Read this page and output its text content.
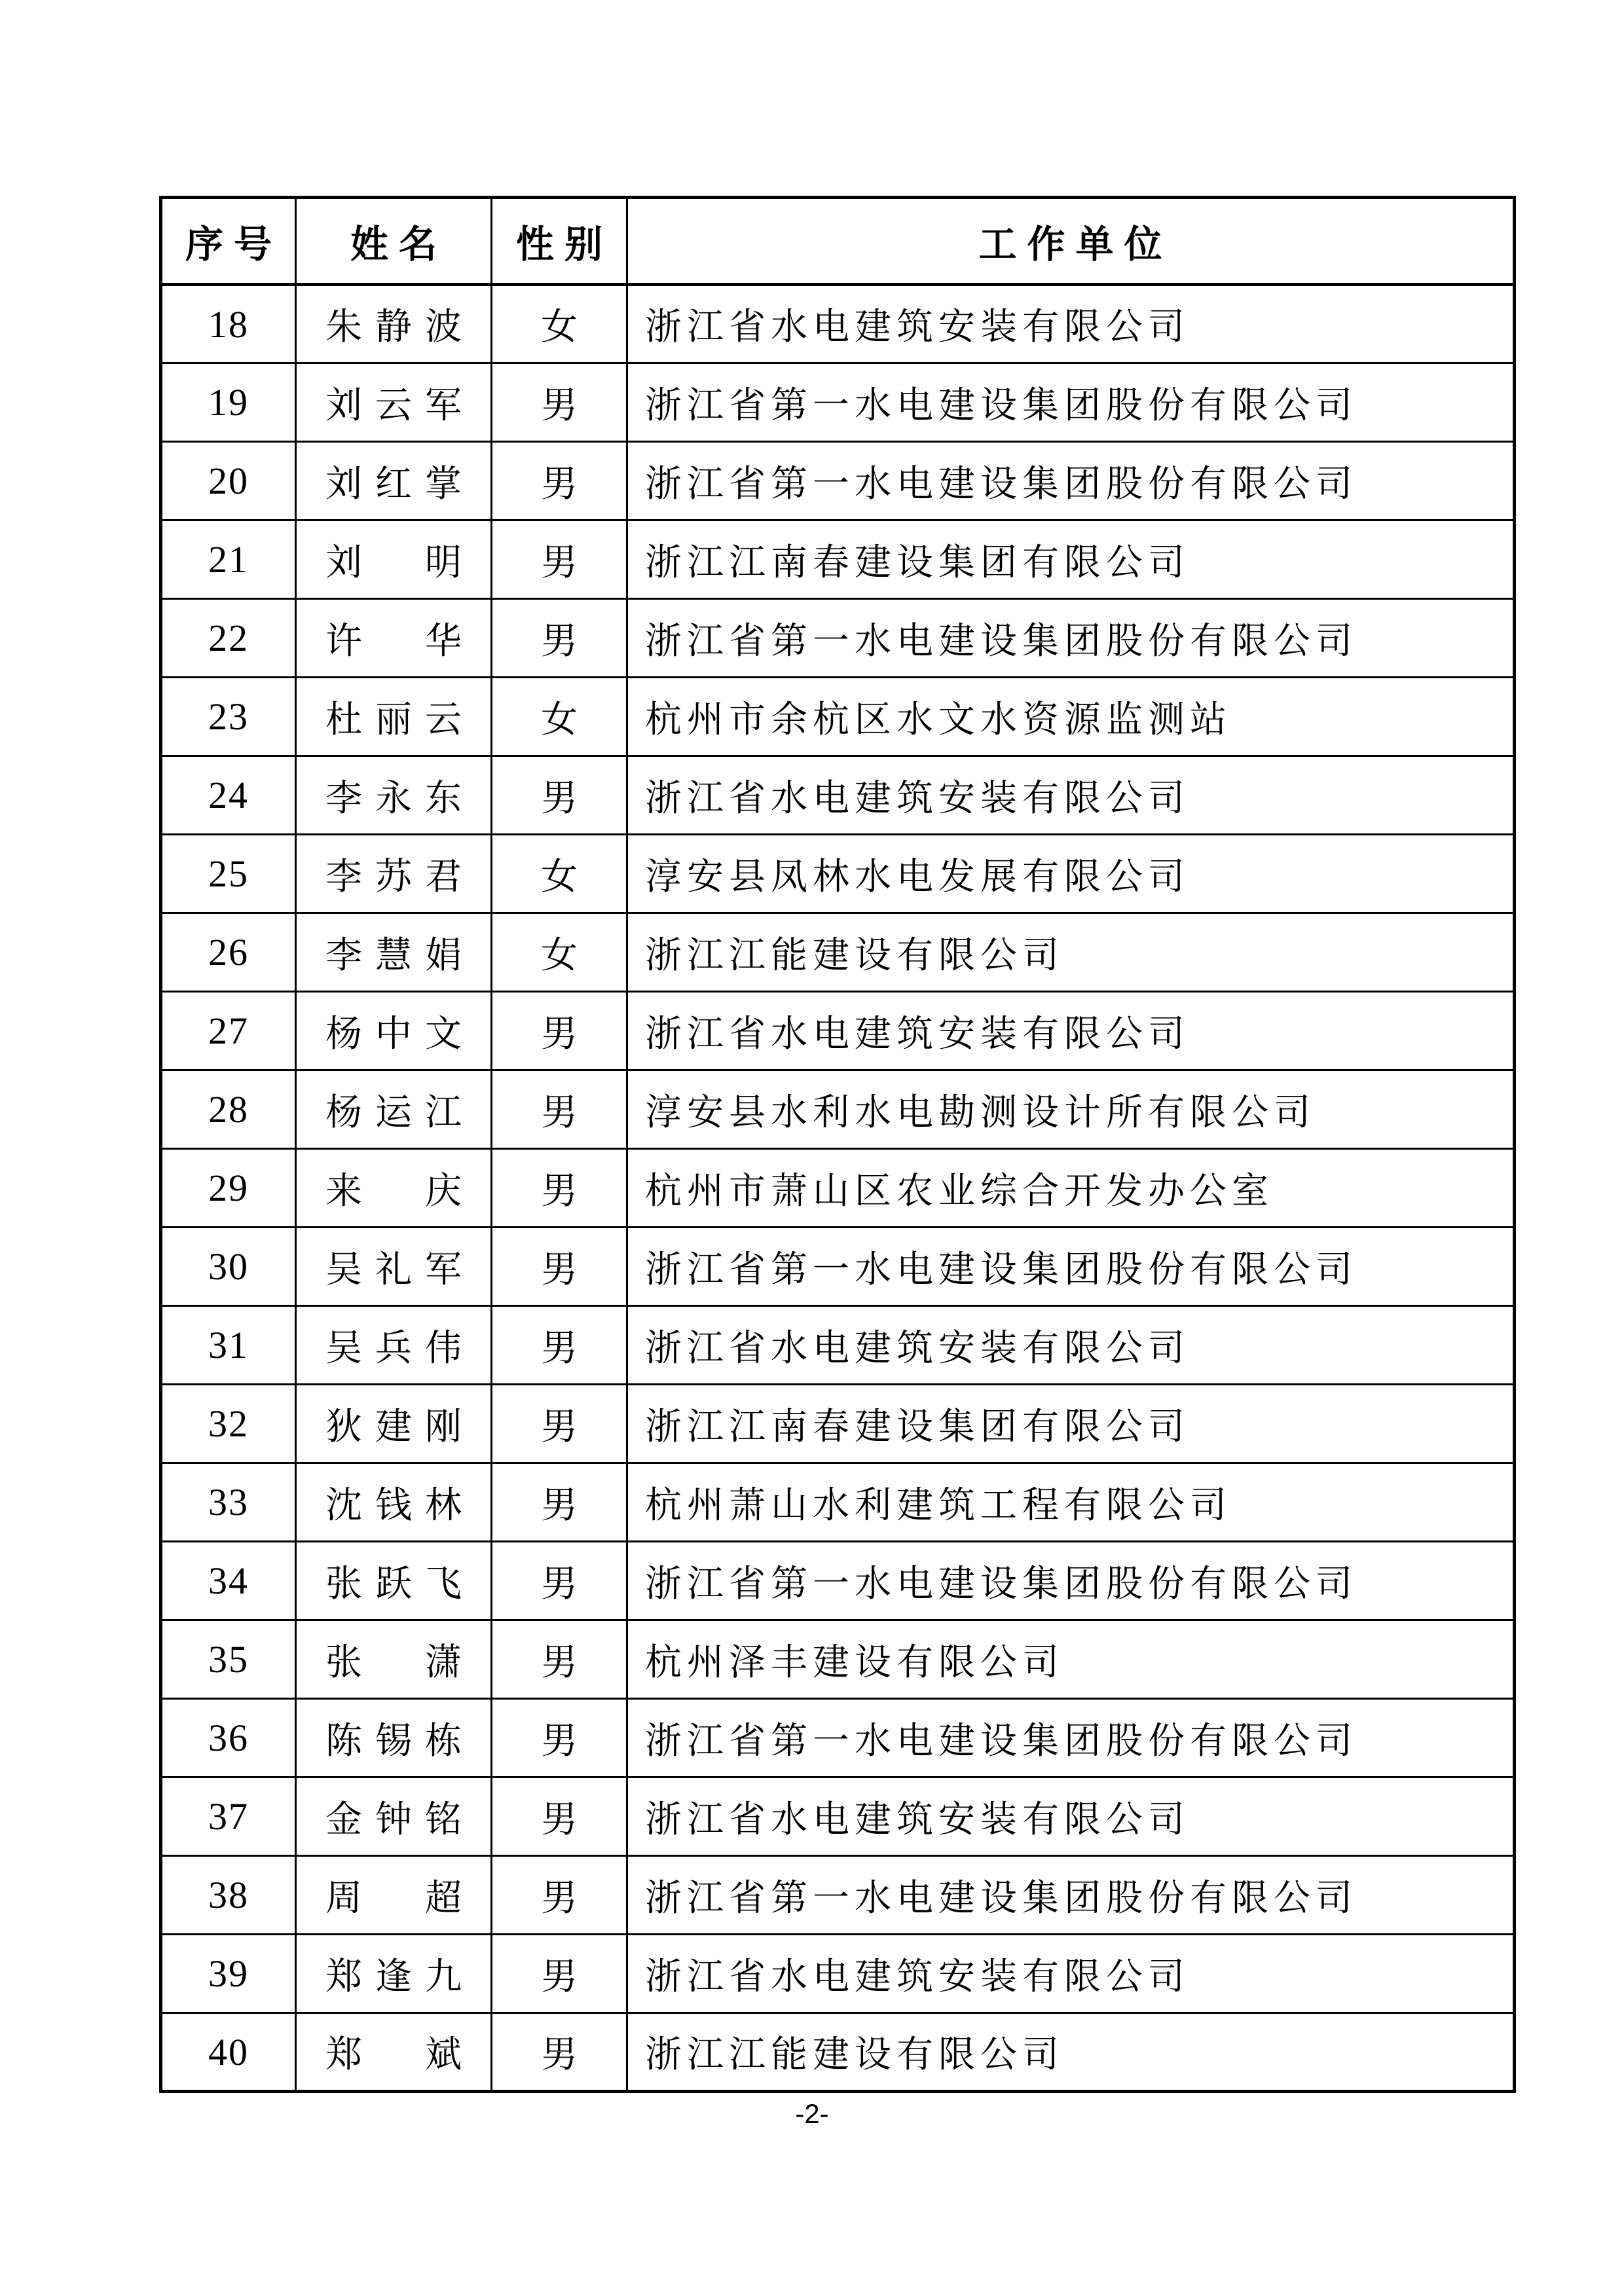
序号	姓名	性别	工作单位
18	朱静波	女	浙江省水电建筑安装有限公司
19	刘云军	男	浙江省第一水电建设集团股份有限公司
20	刘红掌	男	浙江省第一水电建设集团股份有限公司
21	刘　明	男	浙江江南春建设集团有限公司
22	许　华	男	浙江省第一水电建设集团股份有限公司
23	杜丽云	女	杭州市余杭区水文水资源监测站
24	李永东	男	浙江省水电建筑安装有限公司
25	李苏君	女	淳安县凤林水电发展有限公司
26	李慧娟	女	浙江江能建设有限公司
27	杨中文	男	浙江省水电建筑安装有限公司
28	杨运江	男	淳安县水利水电勘测设计所有限公司
29	来　庆	男	杭州市萧山区农业综合开发办公室
30	吴礼军	男	浙江省第一水电建设集团股份有限公司
31	吴兵伟	男	浙江省水电建筑安装有限公司
32	狄建刚	男	浙江江南春建设集团有限公司
33	沈钱林	男	杭州萧山水利建筑工程有限公司
34	张跃飞	男	浙江省第一水电建设集团股份有限公司
35	张　潇	男	杭州泽丰建设有限公司
36	陈锡栋	男	浙江省第一水电建设集团股份有限公司
37	金钟铭	男	浙江省水电建筑安装有限公司
38	周　超	男	浙江省第一水电建设集团股份有限公司
39	郑逢九	男	浙江省水电建筑安装有限公司
40	郑　斌	男	浙江江能建设有限公司
-2-
